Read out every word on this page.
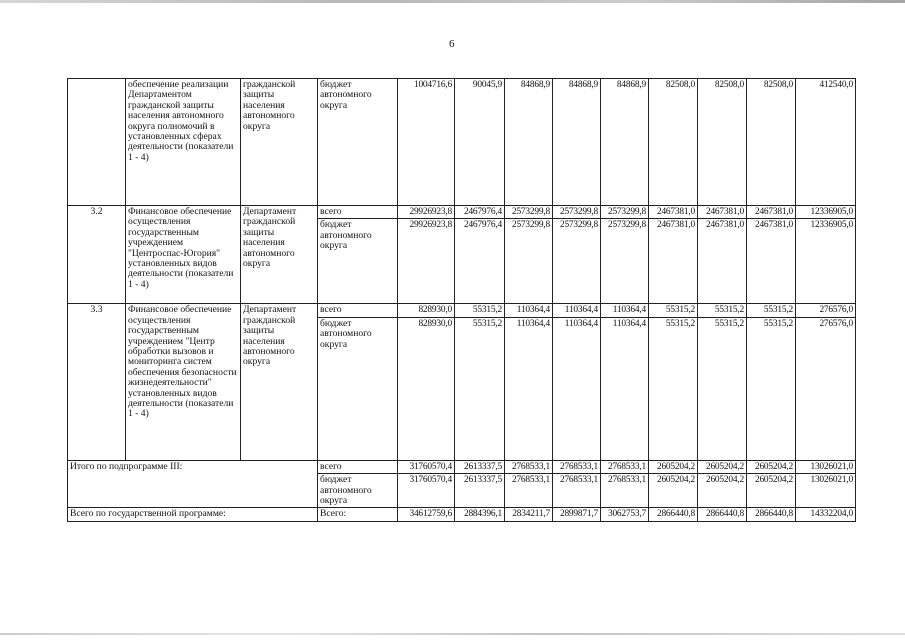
6
	обеспечение реализации Департаментом гражданской защиты населения автономного округа полномочий в установленных сферах деятельности (показатели 1 - 4)	гражданской защиты населения автономного округа	бюджет автономного округа	1004716,6	90045,9	84868,9	84868,9	84868,9	82508,0	82508,0	82508,0	412540,0
3.2	Финансовое обеспечение осуществления государственным учреждением "Центроспас-Югория" установленных видов деятельности (показатели 1 - 4)	Департамент гражданской защиты населения автономного округа	всего	29926923,8	2467976,4	2573299,8	2573299,8	2573299,8	2467381,0	2467381,0	2467381,0	12336905,0
			бюджет автономного округа	29926923,8	2467976,4	2573299,8	2573299,8	2573299,8	2467381,0	2467381,0	2467381,0	12336905,0
3.3	Финансовое обеспечение осуществления государственным учреждением "Центр обработки вызовов и мониторинга систем обеспечения безопасности жизнедеятельности" установленных видов деятельности (показатели 1 - 4)	Департамент гражданской защиты населения автономного округа	всего	828930,0	55315,2	110364,4	110364,4	110364,4	55315,2	55315,2	55315,2	276576,0
			бюджет автономного округа	828930,0	55315,2	110364,4	110364,4	110364,4	55315,2	55315,2	55315,2	276576,0
Итого по подпрограмме III:			всего	31760570,4	2613337,5	2768533,1	2768533,1	2768533,1	2605204,2	2605204,2	2605204,2	13026021,0
			бюджет автономного округа	31760570,4	2613337,5	2768533,1	2768533,1	2768533,1	2605204,2	2605204,2	2605204,2	13026021,0
Всего по государственной программе:			Всего:	34612759,6	2884396,1	2834211,7	2899871,7	3062753,7	2866440,8	2866440,8	2866440,8	14332204,0
